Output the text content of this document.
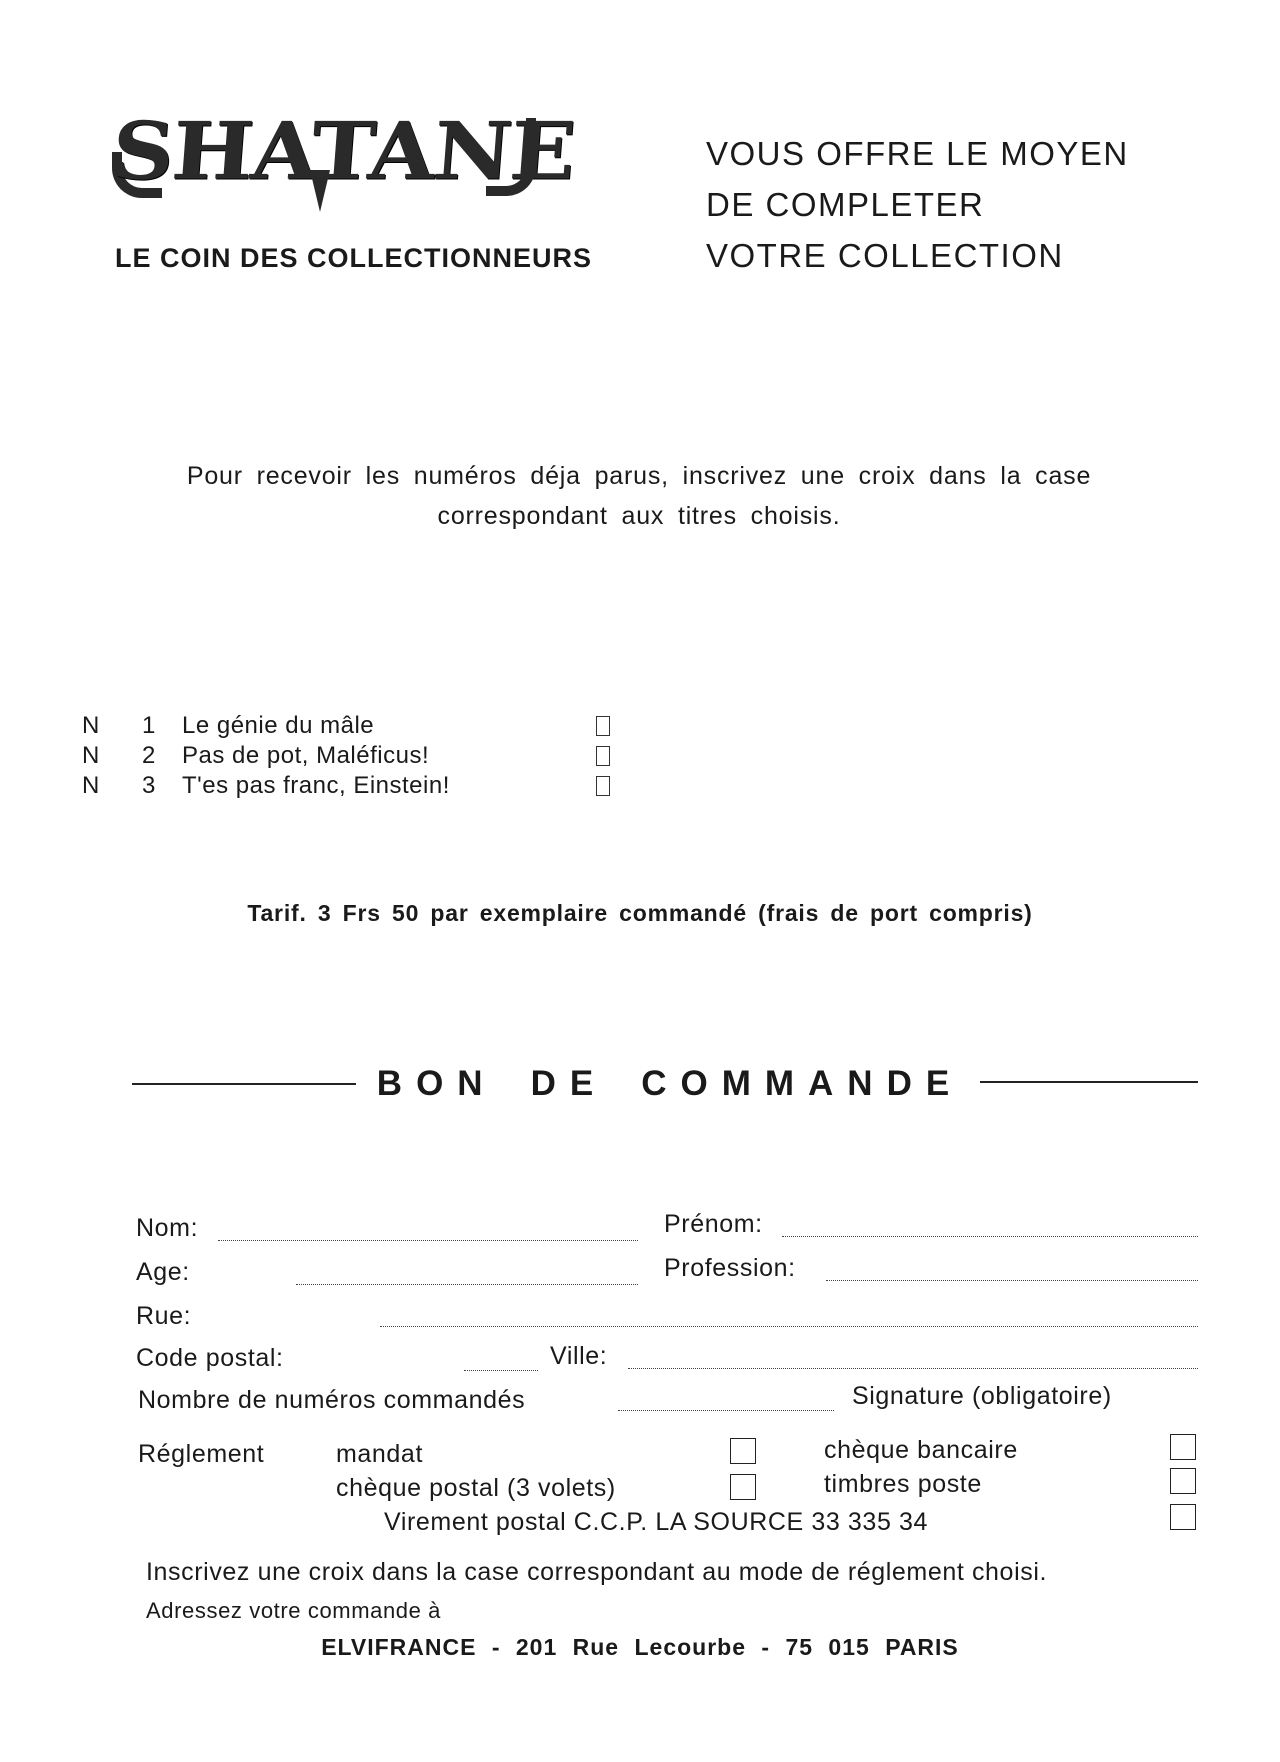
SHATANE
LE COIN DES COLLECTIONNEURS
VOUS OFFRE LE MOYEN
DE COMPLETER
VOTRE COLLECTION
Pour recevoir les numéros déja parus, inscrivez une croix dans la case
correspondant aux titres choisis.
N 1 Le génie du mâle
N 2 Pas de pot, Maléficus!
N 3 T'es pas franc, Einstein!
Tarif. 3 Frs 50 par exemplaire commandé (frais de port compris)
BON DE COMMANDE
Nom:	Prénom:
Age:	Profession:
Rue:
Code postal:	Ville:
Nombre de numéros commandés	Signature (obligatoire)
Réglement	mandat	chèque bancaire
chèque postal (3 volets)	timbres poste
Virement postal C.C.P. LA SOURCE 33 335 34
Inscrivez une croix dans la case correspondant au mode de réglement choisi.
Adressez votre commande à
ELVIFRANCE - 201 Rue Lecourbe - 75 015 PARIS
